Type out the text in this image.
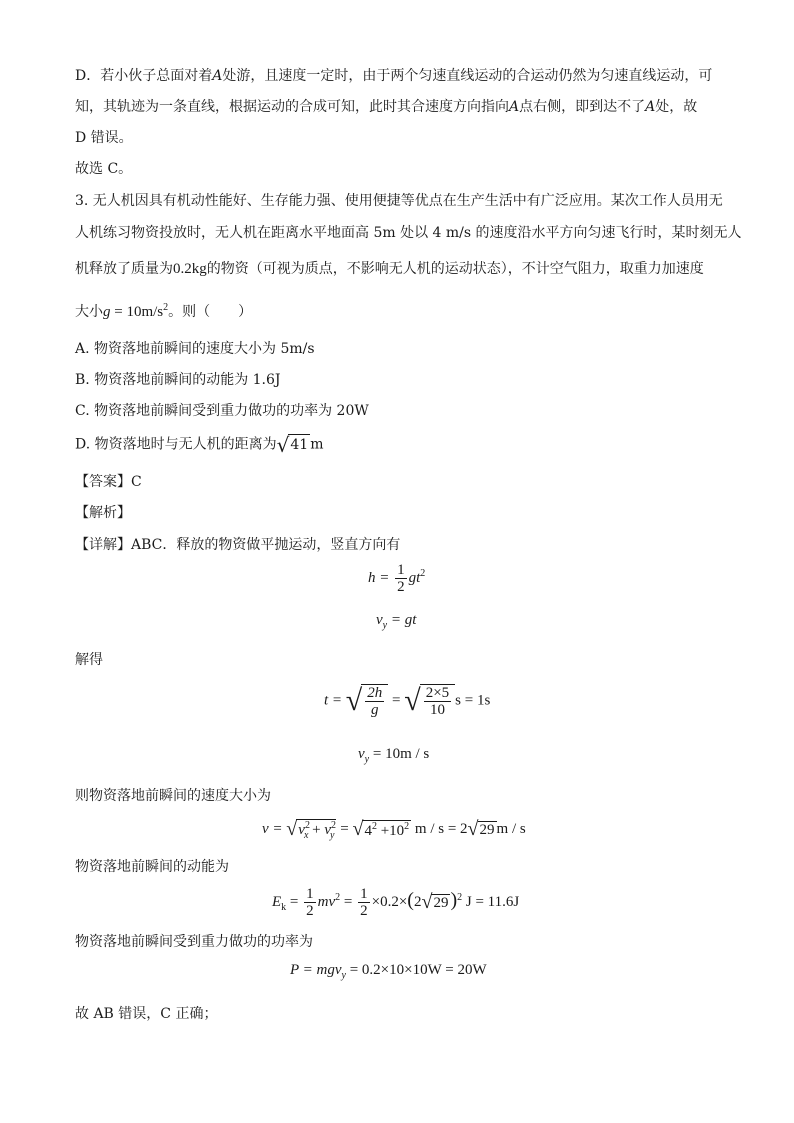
D．若小伙子总面对着A处游，且速度一定时，由于两个匀速直线运动的合运动仍然为匀速直线运动，可
知，其轨迹为一条直线，根据运动的合成可知，此时其合速度方向指向A点右侧，即到达不了A处，故
D 错误。
故选 C。
3. 无人机因具有机动性能好、生存能力强、使用便捷等优点在生产生活中有广泛应用。某次工作人员用无
人机练习物资投放时，无人机在距离水平地面高 5m 处以 4 m/s 的速度沿水平方向匀速飞行时，某时刻无人
机释放了质量为0.2kg的物资（可视为质点，不影响无人机的运动状态），不计空气阻力，取重力加速度
大小$g = 10m/s^2$。则（　　）
A. 物资落地前瞬间的速度大小为 5m/s
B. 物资落地前瞬间的动能为 1.6J
C. 物资落地前瞬间受到重力做功的功率为 20W
D. 物资落地时与无人机的距离为√41 m
【答案】C
【解析】
【详解】ABC．释放的物资做平抛运动，竖直方向有
$h = \frac{1}{2} gt^2$
$v_y$ = gt
解得
t = √ $\frac{2h}{g}$ = √ $\frac{2\times 5}{10}$ s = 1s
$v_y = 10m / s$
则物资落地前瞬间的速度大小为
$v = √v^2_x + v^2_y = √4^2 +10^2$ m / s = 2√29 m / s
物资落地前瞬间的动能为
$E_k = \frac{1}{2} mv^2 = \frac{1}{2} \times 0.2\times(2√29$ )$^2$ J = 11.6J
物资落地前瞬间受到重力做功的功率为
P = mgv$_y$ = 0.2×10×10W = 20W
故 AB 错误，C 正确；
